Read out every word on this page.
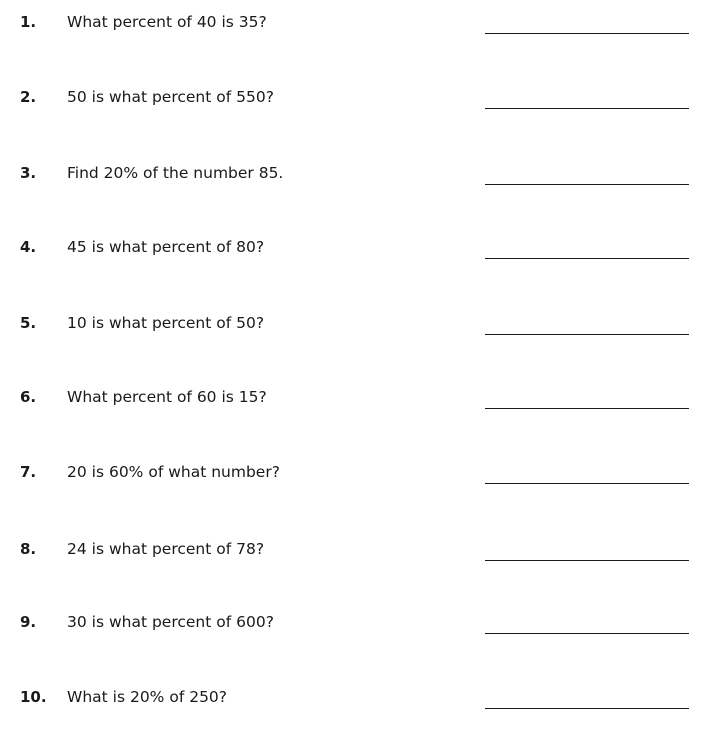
1. What percent of 40 is 35?
2. 50 is what percent of 550?
3. Find 20% of the number 85.
4. 45 is what percent of 80?
5. 10 is what percent of 50?
6. What percent of 60 is 15?
7. 20 is 60% of what number?
8. 24 is what percent of 78?
9. 30 is what percent of 600?
10. What is 20% of 250?
